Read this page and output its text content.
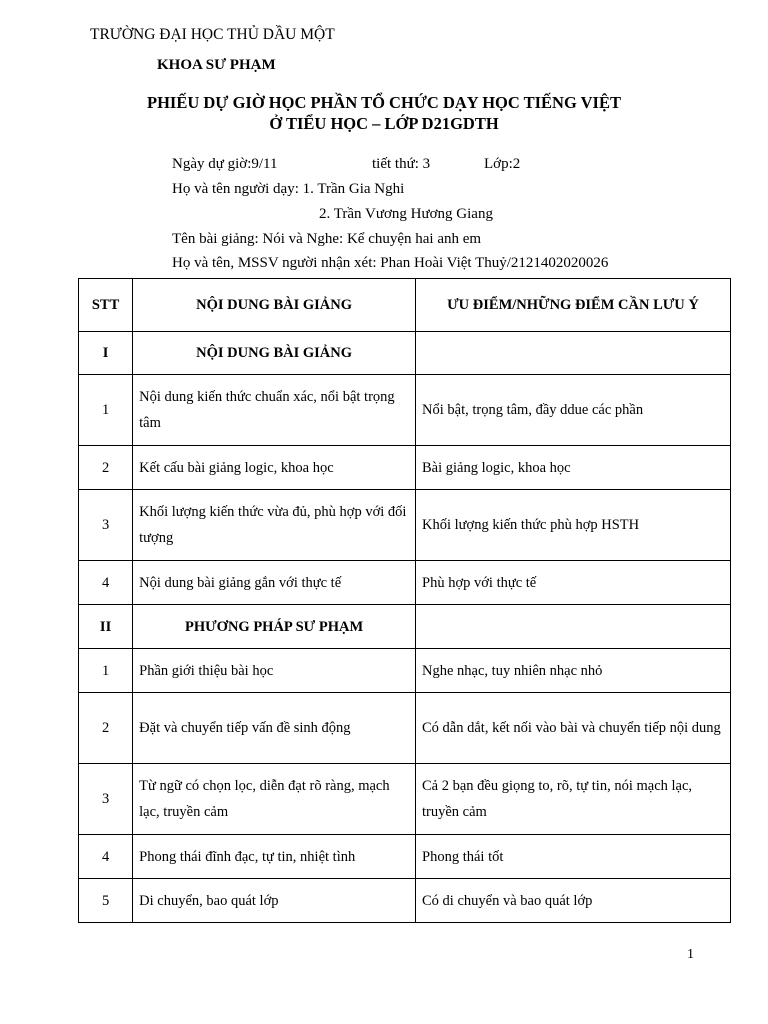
TRƯỜNG ĐẠI HỌC THỦ DẦU MỘT
KHOA SƯ PHẠM
PHIẾU DỰ GIỜ HỌC PHẦN TỔ CHỨC DẠY HỌC TIẾNG VIỆT
Ở TIỂU HỌC – LỚP D21GDTH
Ngày dự giờ:9/11	tiết thứ: 3	Lớp:2
Họ và tên người dạy: 1. Trần Gia Nghi
2. Trần Vương Hương Giang
Tên bài giảng: Nói và Nghe: Kể chuyện hai anh em
Họ và tên, MSSV người nhận xét: Phan Hoài Việt Thuỷ/2121402020026
STT	NỘI DUNG BÀI GIẢNG	ƯU ĐIỂM/NHỮNG ĐIỂM CẦN LƯU Ý
I	NỘI DUNG BÀI GIẢNG	
1	Nội dung kiến thức chuẩn xác, nổi bật trọng tâm	Nổi bật, trọng tâm, đầy ddue các phần
2	Kết cấu bài giảng logic, khoa học	Bài giảng logic, khoa học
3	Khối lượng kiến thức vừa đủ, phù hợp với đối tượng	Khối lượng kiến thức phù hợp HSTH
4	Nội dung bài giảng gắn với thực tế	Phù hợp với thực tế
II	PHƯƠNG PHÁP SƯ PHẠM	
1	Phần giới thiệu bài học	Nghe nhạc, tuy nhiên nhạc nhỏ
2	Đặt và chuyển tiếp vấn đề sinh động	Có dẫn dắt, kết nối vào bài và chuyển tiếp nội dung
3	Từ ngữ có chọn lọc, diễn đạt rõ ràng, mạch lạc, truyền cảm	Cả 2 bạn đều giọng to, rõ, tự tin, nói mạch lạc, truyền cảm
4	Phong thái đĩnh đạc, tự tin, nhiệt tình	Phong thái tốt
5	Di chuyển, bao quát lớp	Có di chuyển và bao quát lớp
1
